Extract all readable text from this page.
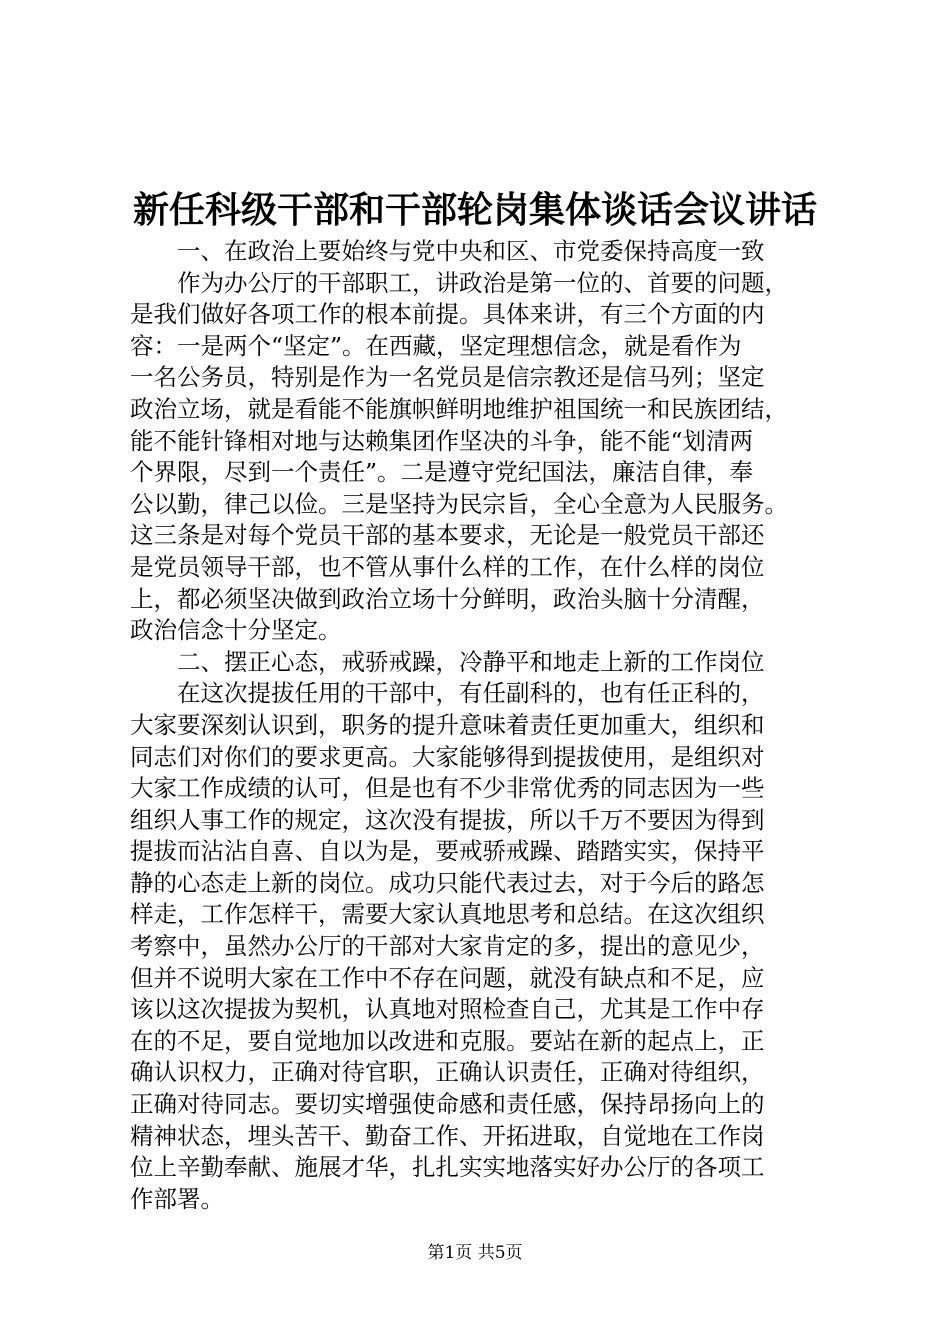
新任科级干部和干部轮岗集体谈话会议讲话
一、在政治上要始终与党中央和区、市党委保持高度一致
作为办公厅的干部职工，讲政治是第一位的、首要的问题，
是我们做好各项工作的根本前提。具体来讲，有三个方面的内
容：一是两个“坚定”。在西藏，坚定理想信念，就是看作为
一名公务员，特别是作为一名党员是信宗教还是信马列；坚定
政治立场，就是看能不能旗帜鲜明地维护祖国统一和民族团结，
能不能针锋相对地与达赖集团作坚决的斗争，能不能“划清两
个界限，尽到一个责任”。二是遵守党纪国法，廉洁自律，奉
公以勤，律己以俭。三是坚持为民宗旨，全心全意为人民服务。
这三条是对每个党员干部的基本要求，无论是一般党员干部还
是党员领导干部，也不管从事什么样的工作，在什么样的岗位
上，都必须坚决做到政治立场十分鲜明，政治头脑十分清醒，
政治信念十分坚定。
二、摆正心态，戒骄戒躁，冷静平和地走上新的工作岗位
在这次提拔任用的干部中，有任副科的，也有任正科的，
大家要深刻认识到，职务的提升意味着责任更加重大，组织和
同志们对你们的要求更高。大家能够得到提拔使用，是组织对
大家工作成绩的认可，但是也有不少非常优秀的同志因为一些
组织人事工作的规定，这次没有提拔，所以千万不要因为得到
提拔而沾沾自喜、自以为是，要戒骄戒躁、踏踏实实，保持平
静的心态走上新的岗位。成功只能代表过去，对于今后的路怎
样走，工作怎样干，需要大家认真地思考和总结。在这次组织
考察中，虽然办公厅的干部对大家肯定的多，提出的意见少，
但并不说明大家在工作中不存在问题，就没有缺点和不足，应
该以这次提拔为契机，认真地对照检查自己，尤其是工作中存
在的不足，要自觉地加以改进和克服。要站在新的起点上，正
确认识权力，正确对待官职，正确认识责任，正确对待组织，
正确对待同志。要切实增强使命感和责任感，保持昂扬向上的
精神状态，埋头苦干、勤奋工作、开拓进取，自觉地在工作岗
位上辛勤奉献、施展才华，扎扎实实地落实好办公厅的各项工
作部署。
第1页 共5页
